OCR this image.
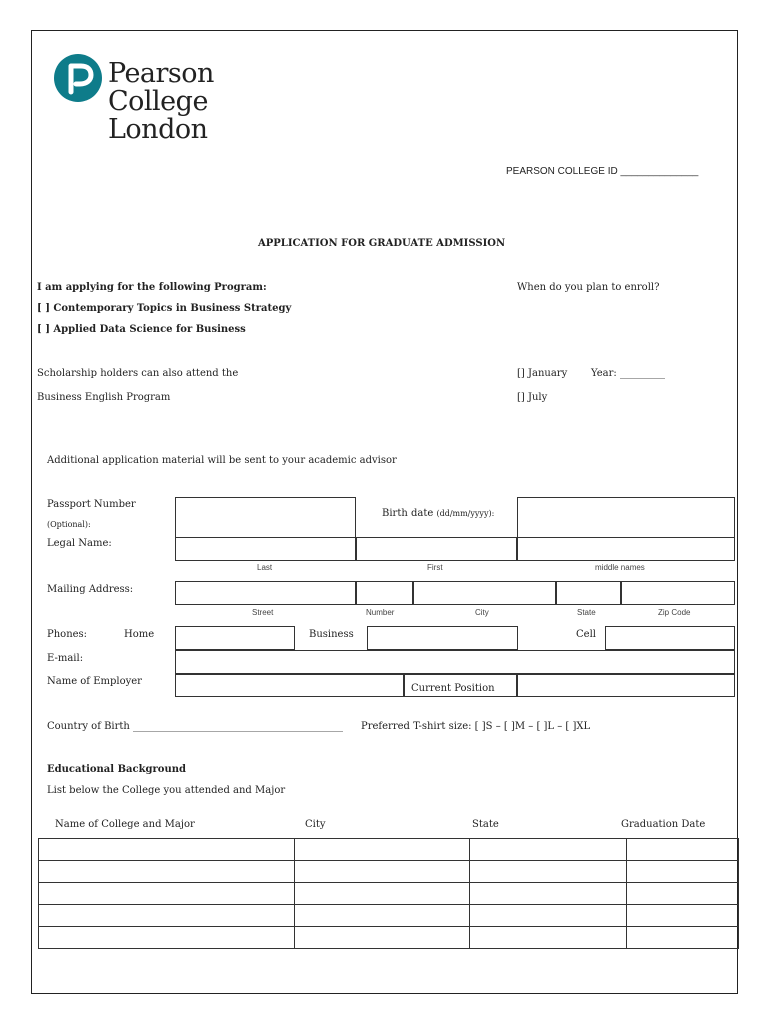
Pearson
College
London
PEARSON COLLEGE ID ______________
APPLICATION FOR GRADUATE ADMISSION
I am applying for the following Program:
[ ] Contemporary Topics in Business Strategy
[ ] Applied Data Science for Business
When do you plan to enroll?
Scholarship holders can also attend the
Business English Program
[] January Year: _________
[] July
Additional application material will be sent to your academic advisor
Passport Number
(Optional):
Birth date (dd/mm/yyyy):
Legal Name:
Last	First	middle names
Mailing Address:
Street	Number	City	State	Zip Code
Phones:	Home	Business	Cell
E-mail:
Name of Employer
Current Position
Country of Birth __________________________________________ Preferred T-shirt size: [ ]S – [ ]M – [ ]L – [ ]XL
Educational Background
List below the College you attended and Major
Name of College and Major	City	State	Graduation Date
